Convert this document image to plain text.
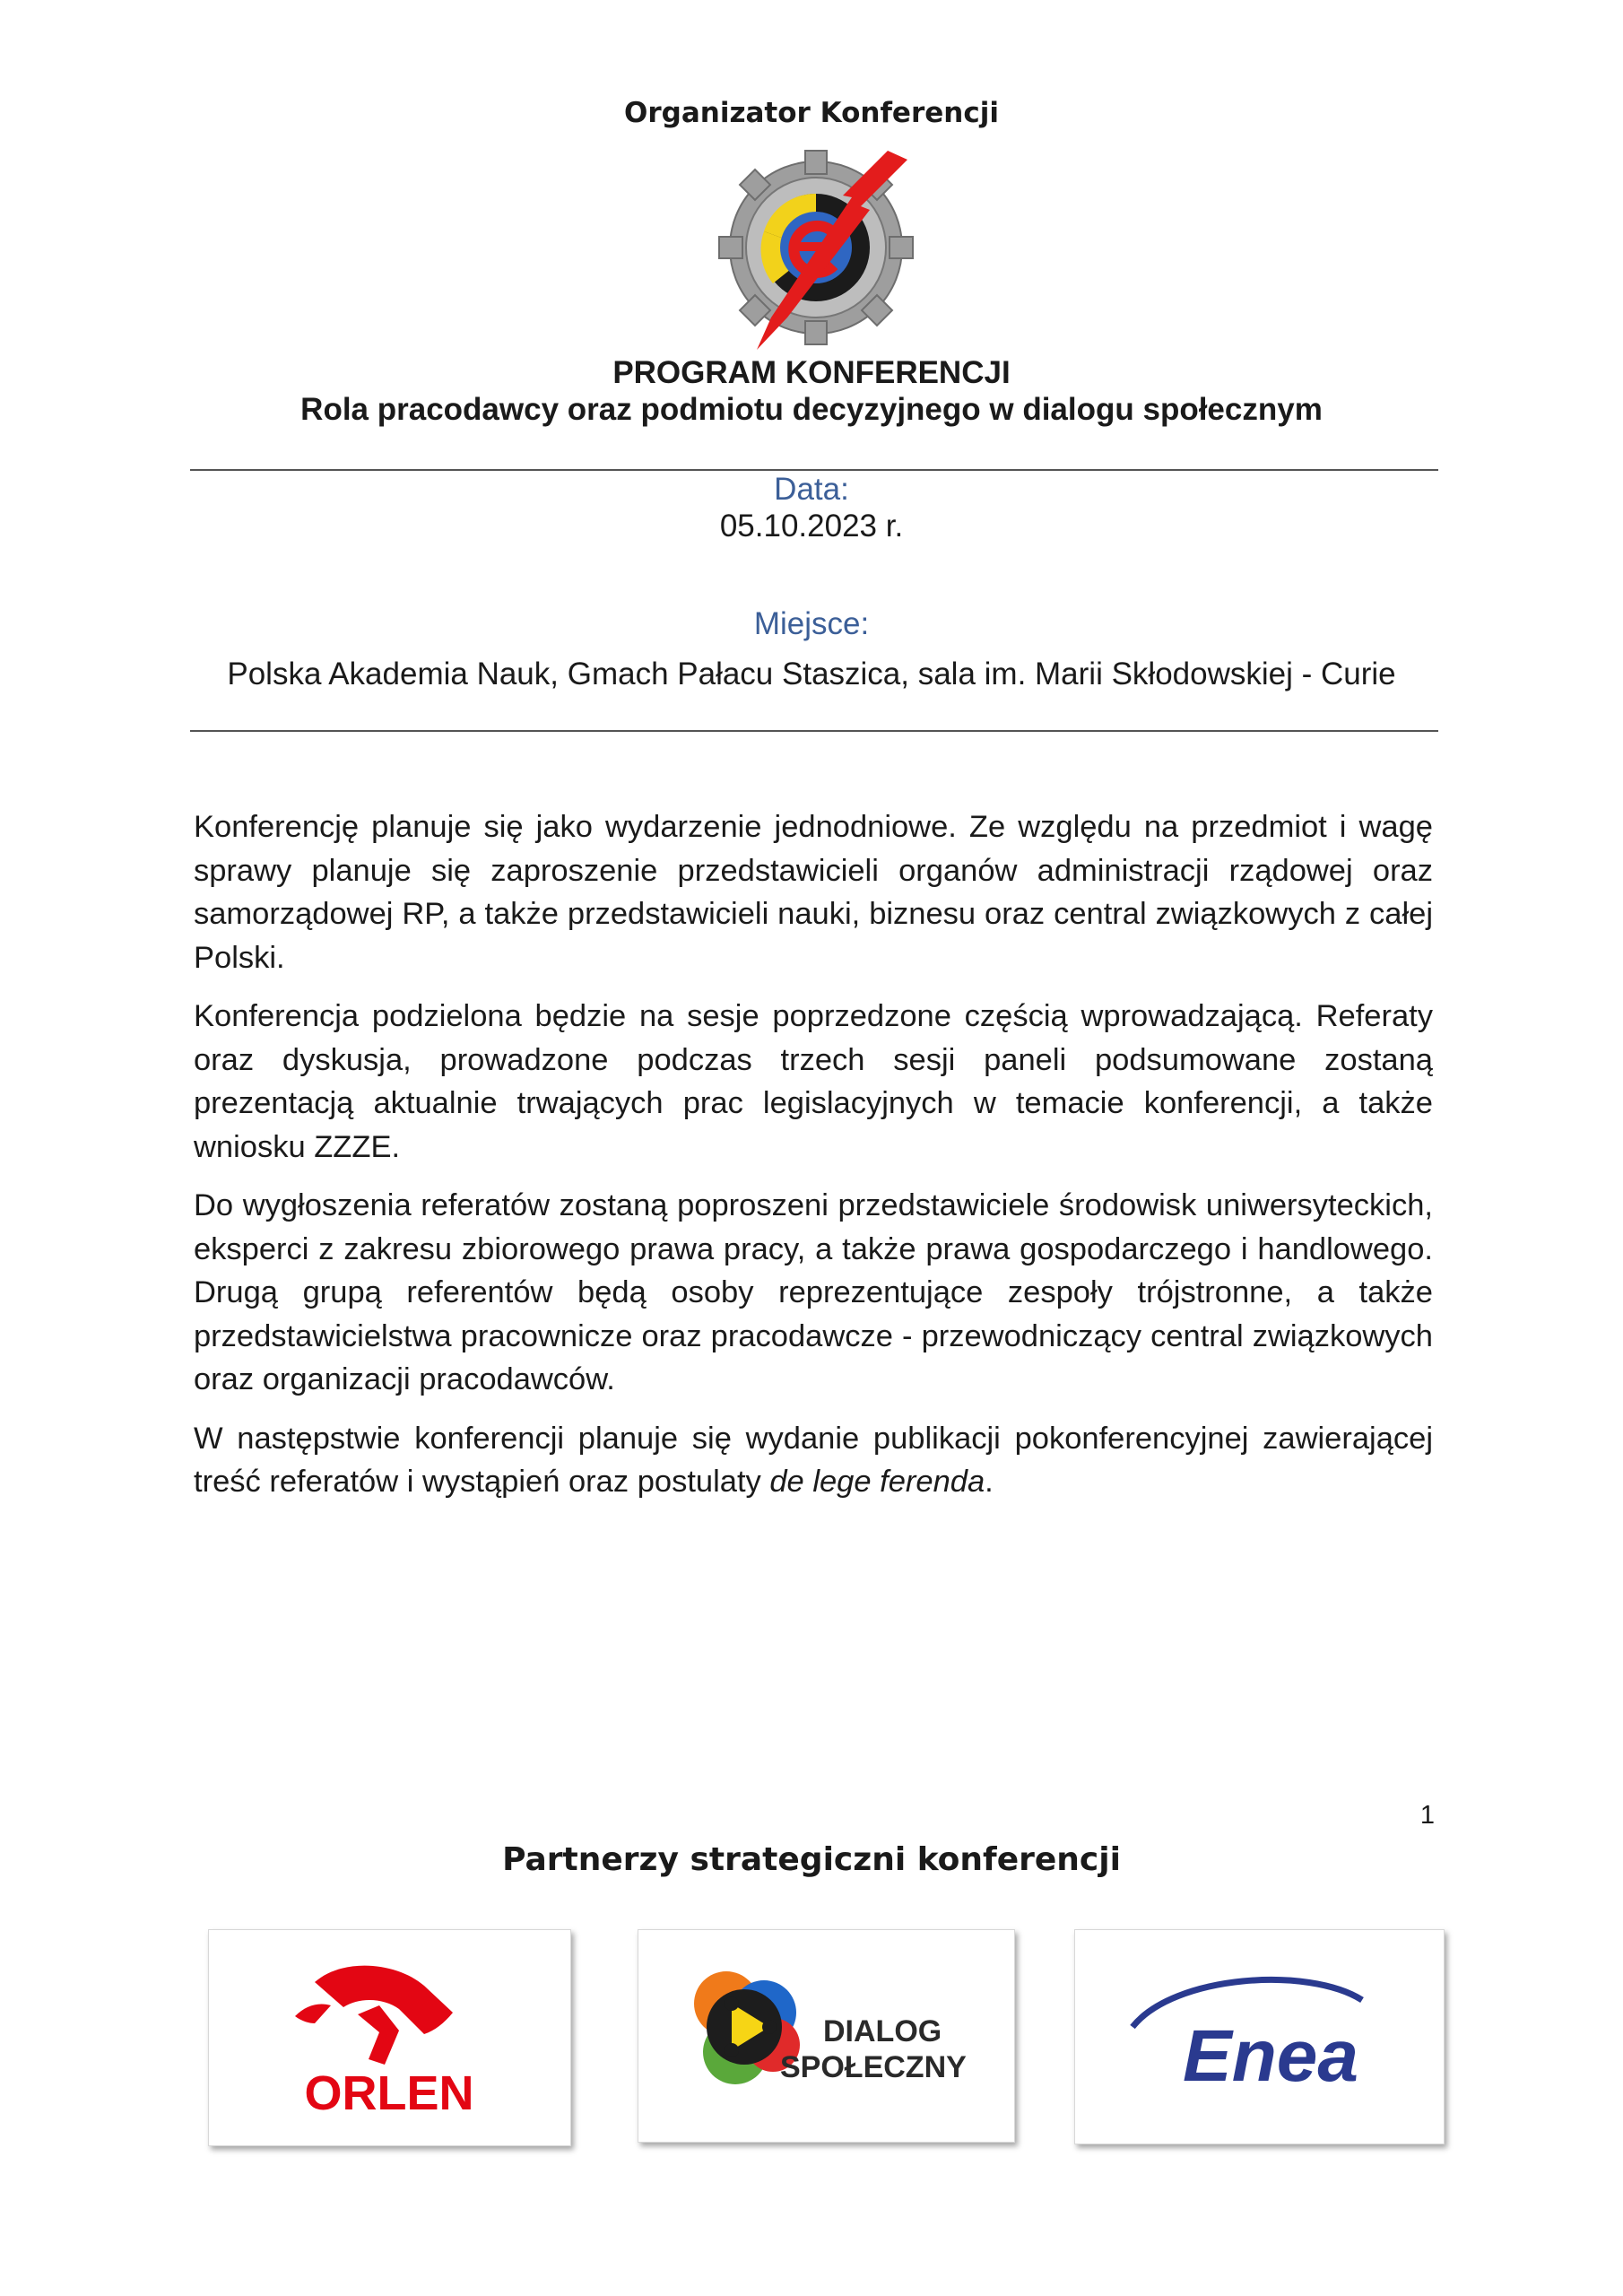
Organizator Konferencji
PROGRAM KONFERENCJI
Rola pracodawcy oraz podmiotu decyzyjnego w dialogu społecznym
Data:
05.10.2023 r.
Miejsce:
Polska Akademia Nauk, Gmach Pałacu Staszica, sala im. Marii Skłodowskiej - Curie

Konferencję planuje się jako wydarzenie jednodniowe. Ze względu na przedmiot i wagę sprawy planuje się zaproszenie przedstawicieli organów administracji rządowej oraz samorządowej RP, a także przedstawicieli nauki, biznesu oraz central związkowych z całej Polski.

Konferencja podzielona będzie na sesje poprzedzone częścią wprowadzającą. Referaty oraz dyskusja, prowadzone podczas trzech sesji paneli podsumowane zostaną prezentacją aktualnie trwających prac legislacyjnych w temacie konferencji, a także wniosku ZZZE.

Do wygłoszenia referatów zostaną poproszeni przedstawiciele środowisk uniwersyteckich, eksperci z zakresu zbiorowego prawa pracy, a także prawa gospodarczego i handlowego. Drugą grupą referentów będą osoby reprezentujące zespoły trójstronne, a także przedstawicielstwa pracownicze oraz pracodawcze - przewodniczący central związkowych oraz organizacji pracodawców.

W następstwie konferencji planuje się wydanie publikacji pokonferencyjnej zawierającej treść referatów i wystąpień oraz postulaty de lege ferenda.

1
Partnerzy strategiczni konferencji
ORLEN
DIALOG
SPOŁECZNY	Enea
